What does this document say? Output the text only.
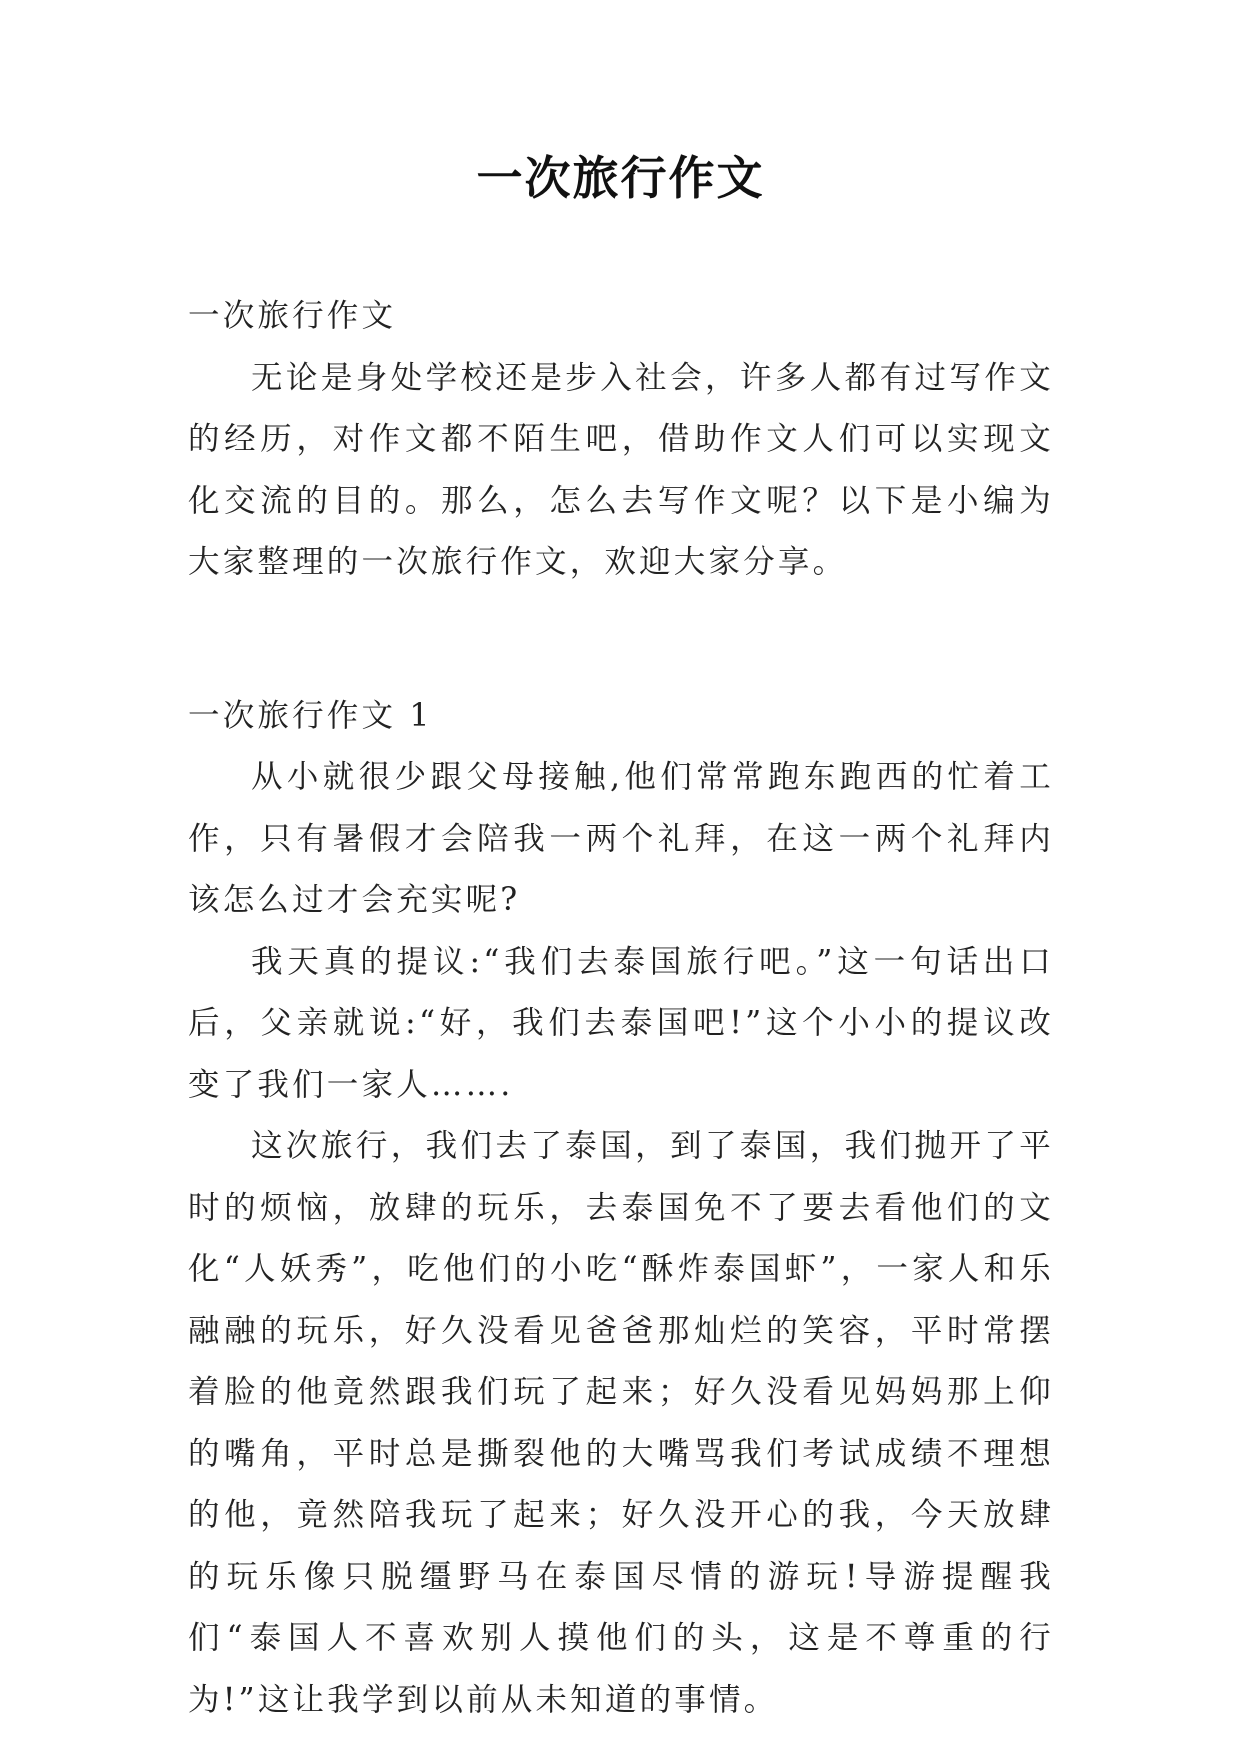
一次旅行作文
一次旅行作文

无论是身处学校还是步入社会，许多人都有过写作文的经历，对作文都不陌生吧，借助作文人们可以实现文化交流的目的。那么，怎么去写作文呢？以下是小编为大家整理的一次旅行作文，欢迎大家分享。

一次旅行作文 1

从小就很少跟父母接触,他们常常跑东跑西的忙着工作，只有暑假才会陪我一两个礼拜，在这一两个礼拜内该怎么过才会充实呢?

我天真的提议:“我们去泰国旅行吧。”这一句话出口后，父亲就说:“好，我们去泰国吧!”这个小小的提议改变了我们一家人…….

这次旅行，我们去了泰国，到了泰国，我们抛开了平时的烦恼，放肆的玩乐，去泰国免不了要去看他们的文化“人妖秀”，吃他们的小吃“酥炸泰国虾”，一家人和乐融融的玩乐，好久没看见爸爸那灿烂的笑容，平时常摆着脸的他竟然跟我们玩了起来；好久没看见妈妈那上仰的嘴角，平时总是撕裂他的大嘴骂我们考试成绩不理想的他，竟然陪我玩了起来；好久没开心的我，今天放肆的玩乐像只脱缰野马在泰国尽情的游玩!导游提醒我们“泰国人不喜欢别人摸他们的头，这是不尊重的行为!”这让我学到以前从未知道的事情。
